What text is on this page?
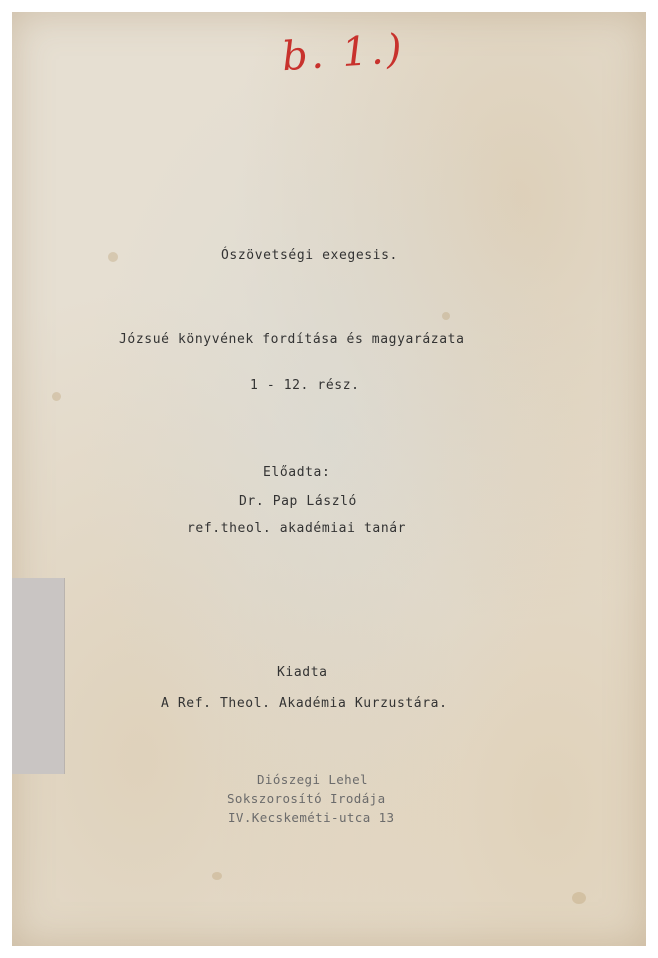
b. 1.)
Ószövetségi exegesis.
Józsué könyvének fordítása és magyarázata
1 - 12. rész.
Előadta:
Dr. Pap László
ref.theol. akadémiai tanár
Kiadta
A Ref. Theol. Akadémia Kurzustára.
Diószegi Lehel
Sokszorosító Irodája
IV.Kecskeméti-utca 13
